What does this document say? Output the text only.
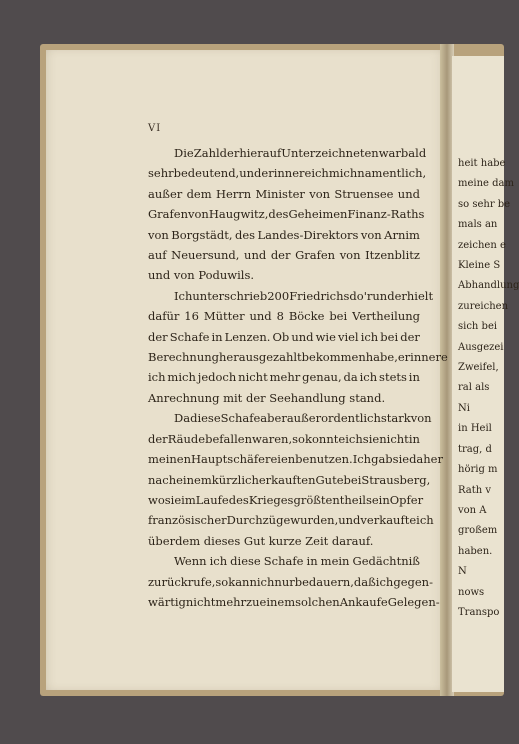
heit habe
meine dam
so sehr be
mals an
zeichen e
Kleine S
Abhandlung
zureichen
sich bei
Ausgezei
Zweifel,
ral als
Ni
in Heil
trag, d
hörig m
Rath v
von A
großem
haben.
N
nows
Transpo
VI
Die Zahl der hierauf Unterzeichneten war bald
sehr bedeutend, und erinnere ich mich namentlich,
außer dem Herrn Minister von Struensee und
Grafen von Haugwitz, des Geheimen Finanz-Raths
von Borgstädt, des Landes-Direktors von Arnim
auf Neuersund, und der Grafen von Itzenblitz
und von Poduwils.
Ich unterschrieb 200 Friedrichsdo'r und erhielt
dafür 16 Mütter und 8 Böcke bei Vertheilung
der Schafe in Lenzen. Ob und wie viel ich bei der
Berechnung heraus gezahlt bekommen habe, erinnere
ich mich jedoch nicht mehr genau, da ich stets in
Anrechnung mit der Seehandlung stand.
Da diese Schafe aber außerordentlich stark von
der Räude befallen waren, so konnte ich sie nicht in
meinen Hauptschäfereien benutzen. Ich gab sie daher
nach einem kürzlich erkauften Gute bei Strausberg,
wo sie im Laufe des Krieges größtentheils ein Opfer
französischer Durchzüge wurden, und verkaufte ich
überdem dieses Gut kurze Zeit darauf.
Wenn ich diese Schafe in mein Gedächtniß
zurückrufe, so kann ich nur bedauern, daß ich gegen-
wärtig nicht mehr zu einem solchen Ankaufe Gelegen-
